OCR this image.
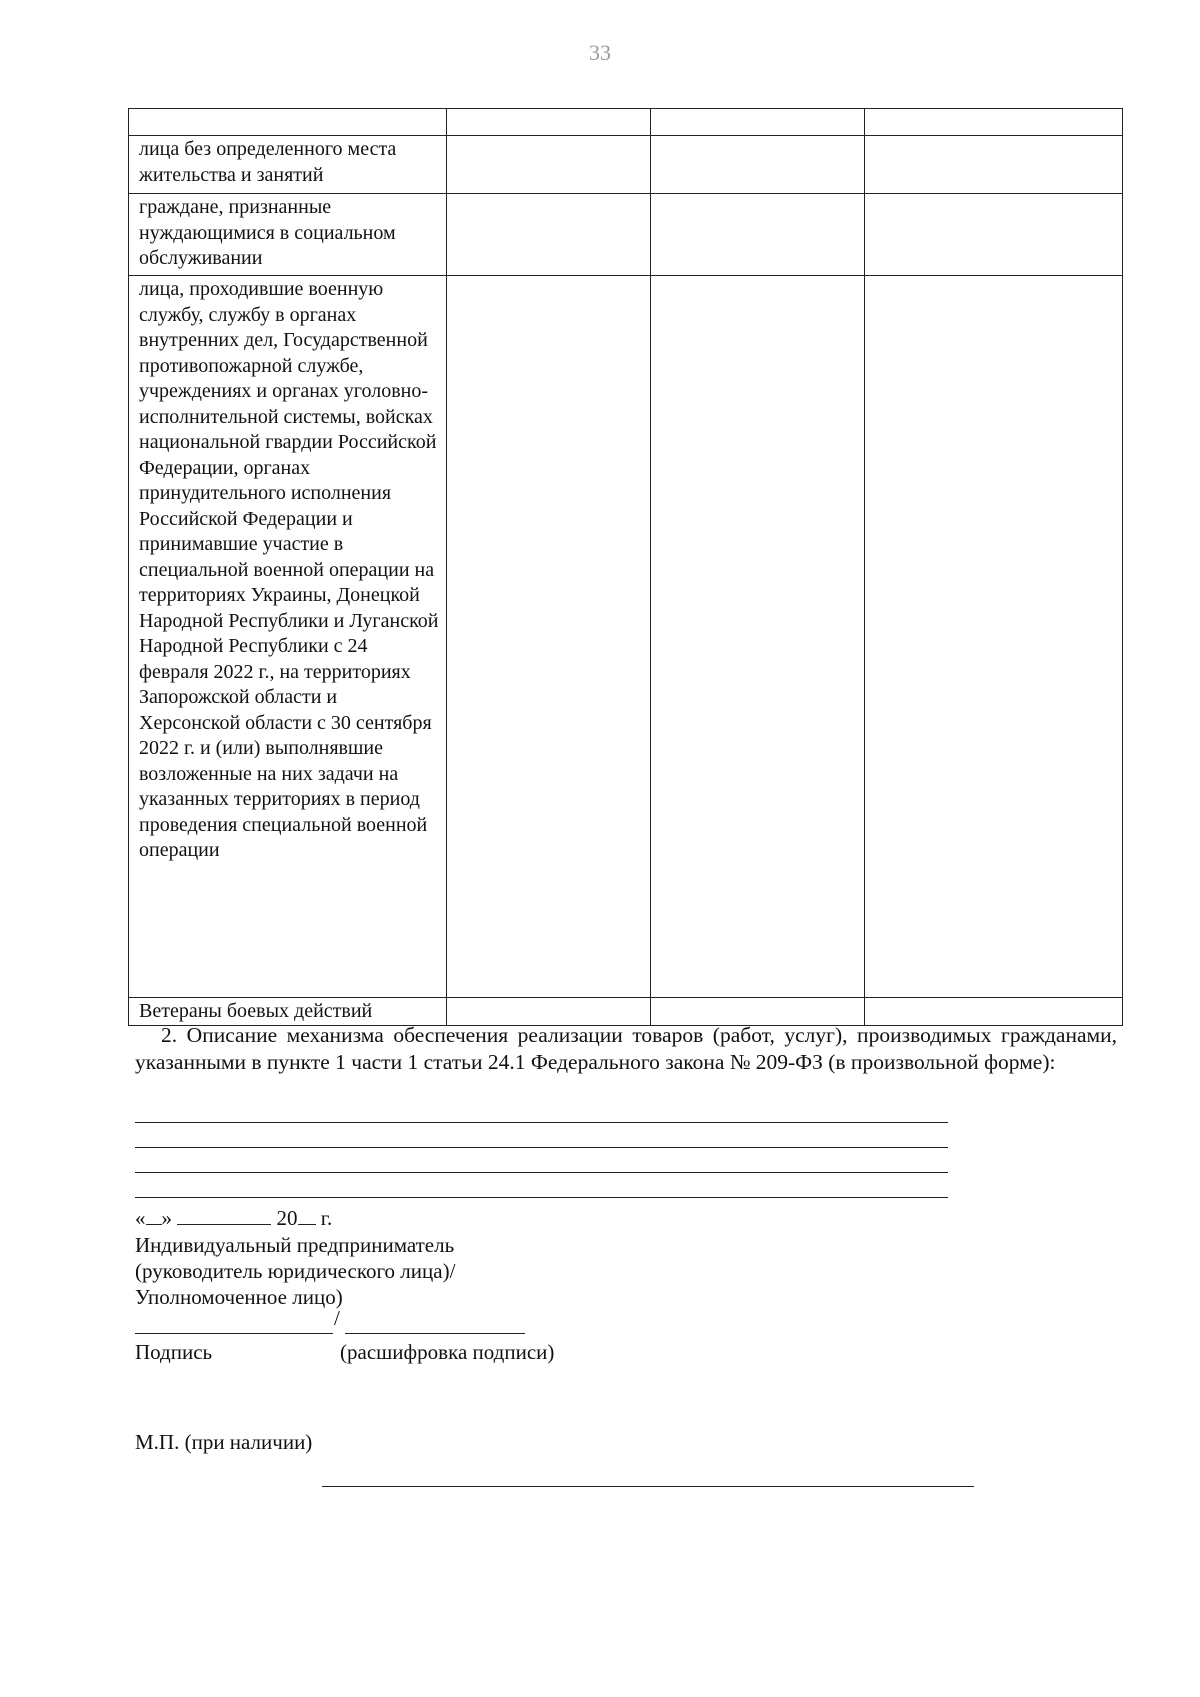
33

лица без определенного места жительства и занятий			
граждане, признанные нуждающимися в социальном обслуживании			
лица, проходившие военную службу, службу в органах внутренних дел, Государственной противопожарной службе, учреждениях и органах уголовно-исполнительной системы, войсках национальной гвардии Российской Федерации, органах принудительного исполнения Российской Федерации и принимавшие участие в специальной военной операции на территориях Украины, Донецкой Народной Республики и Луганской Народной Республики с 24 февраля 2022 г., на территориях Запорожской области и Херсонской области с 30 сентября 2022 г. и (или) выполнявшие возложенные на них задачи на указанных территориях в период проведения специальной военной операции			
Ветераны боевых действий			
2. Описание механизма обеспечения реализации товаров (работ, услуг), производимых гражданами, указанными в пункте 1 части 1 статьи 24.1 Федерального закона № 209-ФЗ (в произвольной форме):
« »	20 г.
Индивидуальный предприниматель
(руководитель юридического лица)/
Уполномоченное лицо)
/
Подпись	(расшифровка подписи)
М.П. (при наличии)
